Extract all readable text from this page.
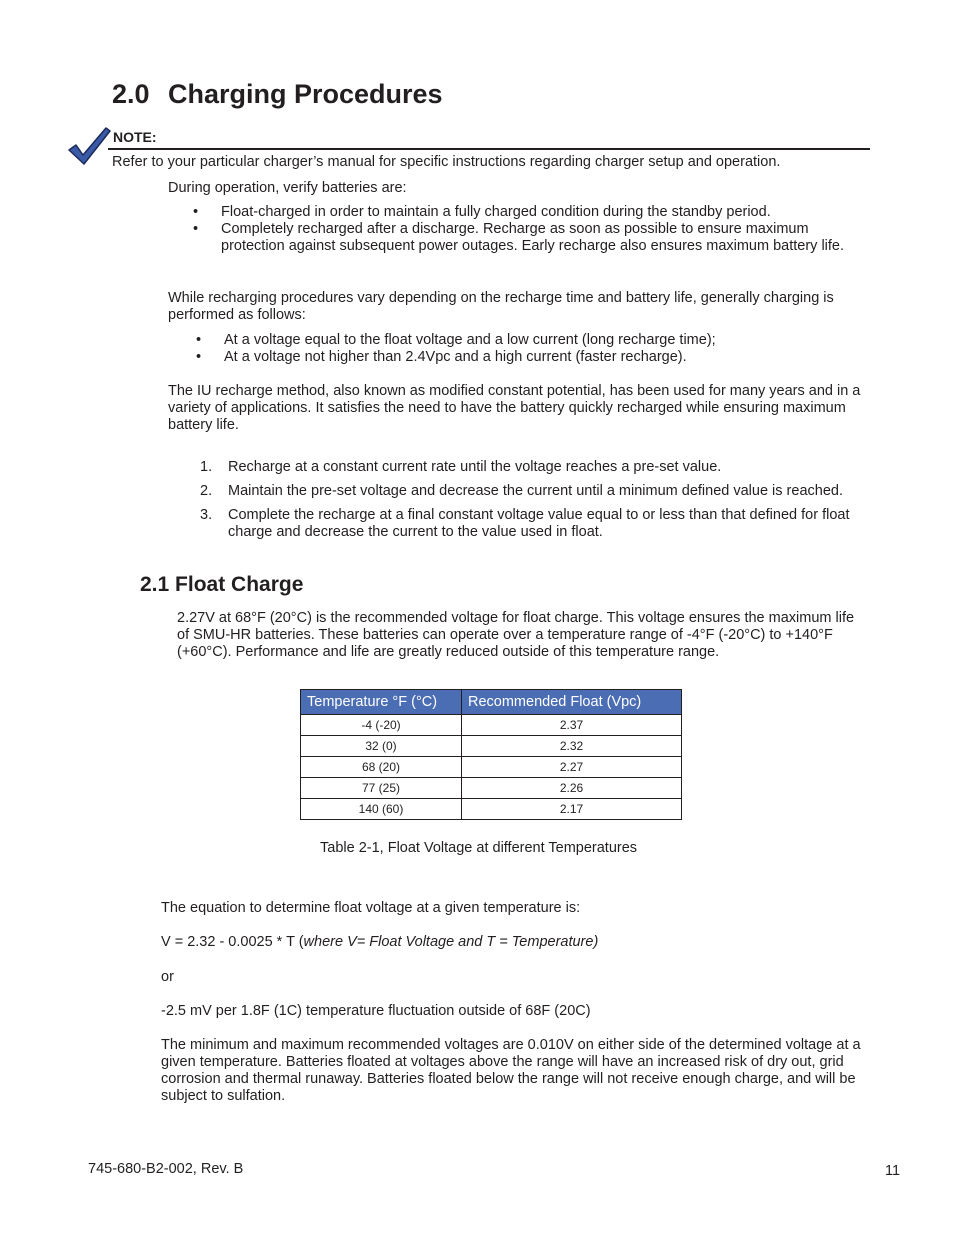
2.0 Charging Procedures
NOTE:
Refer to your particular charger’s manual for specific instructions regarding charger setup and operation.
During operation, verify batteries are:
• Float-charged in order to maintain a fully charged condition during the standby period.
• Completely recharged after a discharge. Recharge as soon as possible to ensure maximum protection against subsequent power outages. Early recharge also ensures maximum battery life.
While recharging procedures vary depending on the recharge time and battery life, generally charging is performed as follows:
• At a voltage equal to the float voltage and a low current (long recharge time);
• At a voltage not higher than 2.4Vpc and a high current (faster recharge).
The IU recharge method, also known as modified constant potential, has been used for many years and in a variety of applications. It satisfies the need to have the battery quickly recharged while ensuring maximum battery life.
1. Recharge at a constant current rate until the voltage reaches a pre-set value.
2. Maintain the pre-set voltage and decrease the current until a minimum defined value is reached.
3. Complete the recharge at a final constant voltage value equal to or less than that defined for float charge and decrease the current to the value used in float.
2.1 Float Charge
2.27V at 68°F (20°C) is the recommended voltage for float charge. This voltage ensures the maximum life of SMU-HR batteries. These batteries can operate over a temperature range of -4°F (-20°C) to +140°F (+60°C). Performance and life are greatly reduced outside of this temperature range.
Temperature °F (°C)	Recommended Float (Vpc)
-4 (-20)	2.37
32 (0)	2.32
68 (20)	2.27
77 (25)	2.26
140 (60)	2.17
Table 2-1, Float Voltage at different Temperatures
The equation to determine float voltage at a given temperature is:
V = 2.32 - 0.0025 * T (where V= Float Voltage and T = Temperature)
or
-2.5 mV per 1.8F (1C) temperature fluctuation outside of 68F (20C)
The minimum and maximum recommended voltages are 0.010V on either side of the determined voltage at a given temperature. Batteries floated at voltages above the range will have an increased risk of dry out, grid corrosion and thermal runaway. Batteries floated below the range will not receive enough charge, and will be subject to sulfation.
745-680-B2-002, Rev. B	11
